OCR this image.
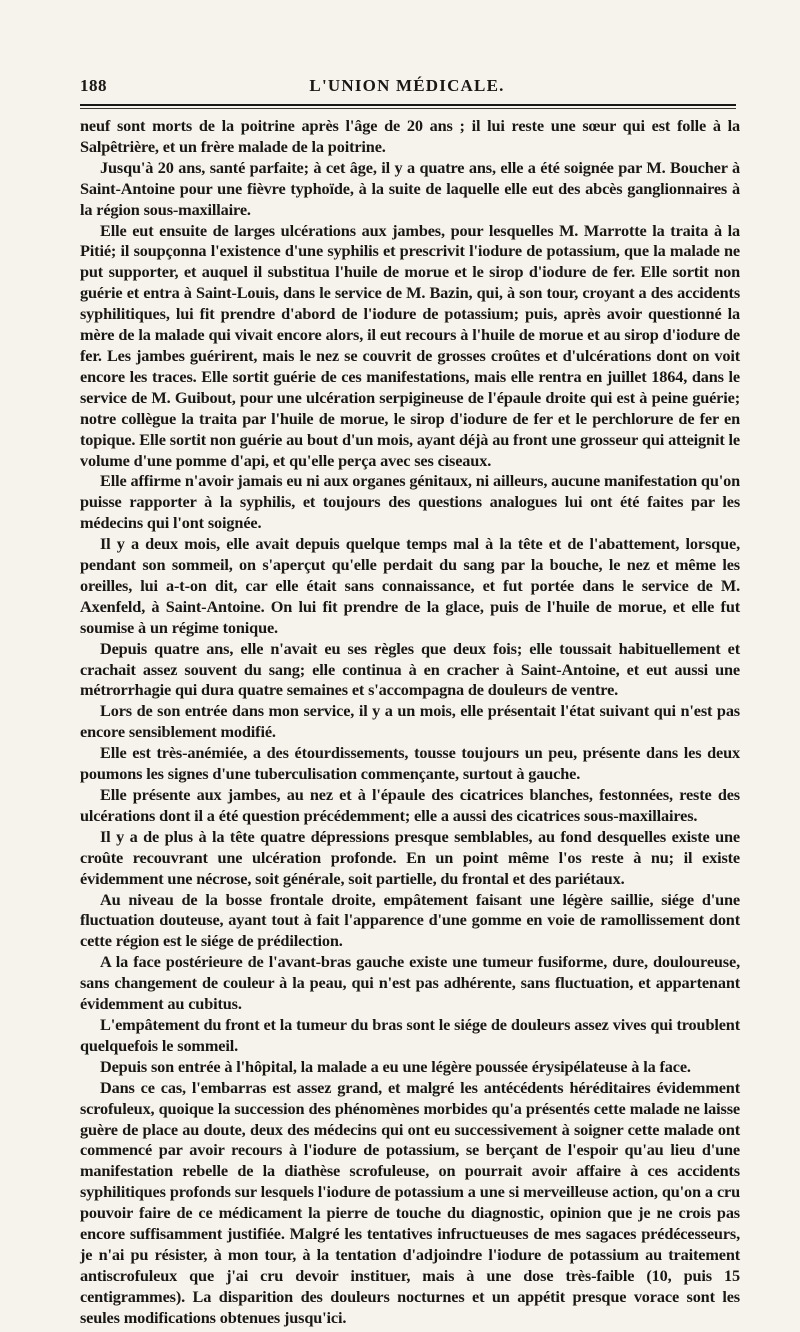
188	L'UNION MÉDICALE.

neuf sont morts de la poitrine après l'âge de 20 ans ; il lui reste une sœur qui est folle à la Salpêtrière, et un frère malade de la poitrine.

Jusqu'à 20 ans, santé parfaite; à cet âge, il y a quatre ans, elle a été soignée par M. Boucher à Saint-Antoine pour une fièvre typhoïde, à la suite de laquelle elle eut des abcès ganglionnaires à la région sous-maxillaire.

Elle eut ensuite de larges ulcérations aux jambes, pour lesquelles M. Marrotte la traita à la Pitié; il soupçonna l'existence d'une syphilis et prescrivit l'iodure de potassium, que la malade ne put supporter, et auquel il substitua l'huile de morue et le sirop d'iodure de fer. Elle sortit non guérie et entra à Saint-Louis, dans le service de M. Bazin, qui, à son tour, croyant a des accidents syphilitiques, lui fit prendre d'abord de l'iodure de potassium; puis, après avoir questionné la mère de la malade qui vivait encore alors, il eut recours à l'huile de morue et au sirop d'iodure de fer. Les jambes guérirent, mais le nez se couvrit de grosses croûtes et d'ulcérations dont on voit encore les traces. Elle sortit guérie de ces manifestations, mais elle rentra en juillet 1864, dans le service de M. Guibout, pour une ulcération serpigineuse de l'épaule droite qui est à peine guérie; notre collègue la traita par l'huile de morue, le sirop d'iodure de fer et le perchlorure de fer en topique. Elle sortit non guérie au bout d'un mois, ayant déjà au front une grosseur qui atteignit le volume d'une pomme d'api, et qu'elle perça avec ses ciseaux.

Elle affirme n'avoir jamais eu ni aux organes génitaux, ni ailleurs, aucune manifestation qu'on puisse rapporter à la syphilis, et toujours des questions analogues lui ont été faites par les médecins qui l'ont soignée.

Il y a deux mois, elle avait depuis quelque temps mal à la tête et de l'abattement, lorsque, pendant son sommeil, on s'aperçut qu'elle perdait du sang par la bouche, le nez et même les oreilles, lui a-t-on dit, car elle était sans connaissance, et fut portée dans le service de M. Axenfeld, à Saint-Antoine. On lui fit prendre de la glace, puis de l'huile de morue, et elle fut soumise à un régime tonique.

Depuis quatre ans, elle n'avait eu ses règles que deux fois; elle toussait habituellement et crachait assez souvent du sang; elle continua à en cracher à Saint-Antoine, et eut aussi une métrorrhagie qui dura quatre semaines et s'accompagna de douleurs de ventre.

Lors de son entrée dans mon service, il y a un mois, elle présentait l'état suivant qui n'est pas encore sensiblement modifié.

Elle est très-anémiée, a des étourdissements, tousse toujours un peu, présente dans les deux poumons les signes d'une tuberculisation commençante, surtout à gauche.

Elle présente aux jambes, au nez et à l'épaule des cicatrices blanches, festonnées, reste des ulcérations dont il a été question précédemment; elle a aussi des cicatrices sous-maxillaires.

Il y a de plus à la tête quatre dépressions presque semblables, au fond desquelles existe une croûte recouvrant une ulcération profonde. En un point même l'os reste à nu; il existe évidemment une nécrose, soit générale, soit partielle, du frontal et des pariétaux.

Au niveau de la bosse frontale droite, empâtement faisant une légère saillie, siége d'une fluctuation douteuse, ayant tout à fait l'apparence d'une gomme en voie de ramollissement dont cette région est le siége de prédilection.

A la face postérieure de l'avant-bras gauche existe une tumeur fusiforme, dure, douloureuse, sans changement de couleur à la peau, qui n'est pas adhérente, sans fluctuation, et appartenant évidemment au cubitus.

L'empâtement du front et la tumeur du bras sont le siége de douleurs assez vives qui troublent quelquefois le sommeil.

Depuis son entrée à l'hôpital, la malade a eu une légère poussée érysipélateuse à la face.

Dans ce cas, l'embarras est assez grand, et malgré les antécédents héréditaires évidemment scrofuleux, quoique la succession des phénomènes morbides qu'a présentés cette malade ne laisse guère de place au doute, deux des médecins qui ont eu successivement à soigner cette malade ont commencé par avoir recours à l'iodure de potassium, se berçant de l'espoir qu'au lieu d'une manifestation rebelle de la diathèse scrofuleuse, on pourrait avoir affaire à ces accidents syphilitiques profonds sur lesquels l'iodure de potassium a une si merveilleuse action, qu'on a cru pouvoir faire de ce médicament la pierre de touche du diagnostic, opinion que je ne crois pas encore suffisamment justifiée. Malgré les tentatives infructueuses de mes sagaces prédécesseurs, je n'ai pu résister, à mon tour, à la tentation d'adjoindre l'iodure de potassium au traitement antiscrofuleux que j'ai cru devoir instituer, mais à une dose très-faible (10, puis 15 centigrammes). La disparition des douleurs nocturnes et un appétit presque vorace sont les seules modifications obtenues jusqu'ici.
